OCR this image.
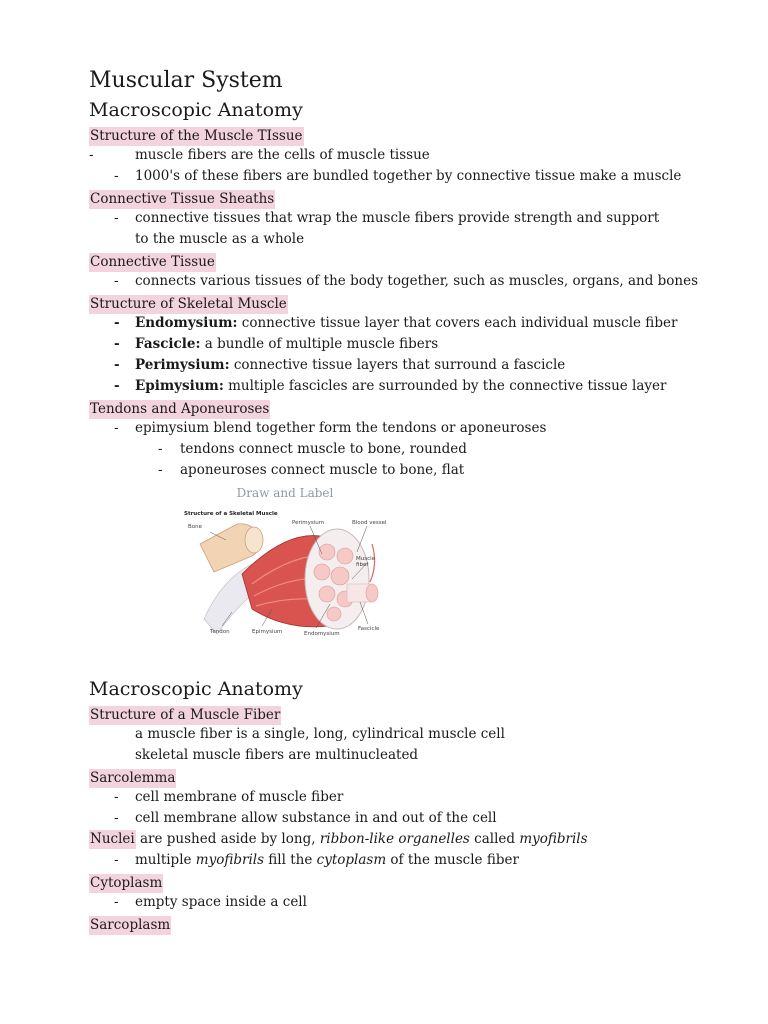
Muscular System
Macroscopic Anatomy
Structure of the Muscle TIssue
-	muscle fibers are the cells of muscle tissue
-	1000's of these fibers are bundled together by connective tissue make a muscle
Connective Tissue Sheaths
-	connective tissues that wrap the muscle fibers provide strength and support to the muscle as a whole
Connective Tissue
-	connects various tissues of the body together, such as muscles, organs, and bones
Structure of Skeletal Muscle
-	Endomysium: connective tissue layer that covers each individual muscle fiber
-	Fascicle: a bundle of multiple muscle fibers
-	Perimysium: connective tissue layers that surround a fascicle
-	Epimysium: multiple fascicles are surrounded by the connective tissue layer
Tendons and Aponeuroses
-	epimysium blend together form the tendons or aponeuroses
-	tendons connect muscle to bone, rounded
-	aponeuroses connect muscle to bone, flat
Draw and Label
Structure of a Skeletal Muscle
Bone
Perimysium	Blood vessel
Muscle fiber
Fascicle
Tendon	Epimysium	Endomysium
Macroscopic Anatomy
Structure of a Muscle Fiber
a muscle fiber is a single, long, cylindrical muscle cell
skeletal muscle fibers are multinucleated
Sarcolemma
-	cell membrane of muscle fiber
-	cell membrane allow substance in and out of the cell
Nuclei are pushed aside by long, ribbon-like organelles called myofibrils
-	multiple myofibrils fill the cytoplasm of the muscle fiber
Cytoplasm
-	empty space inside a cell
Sarcoplasm
